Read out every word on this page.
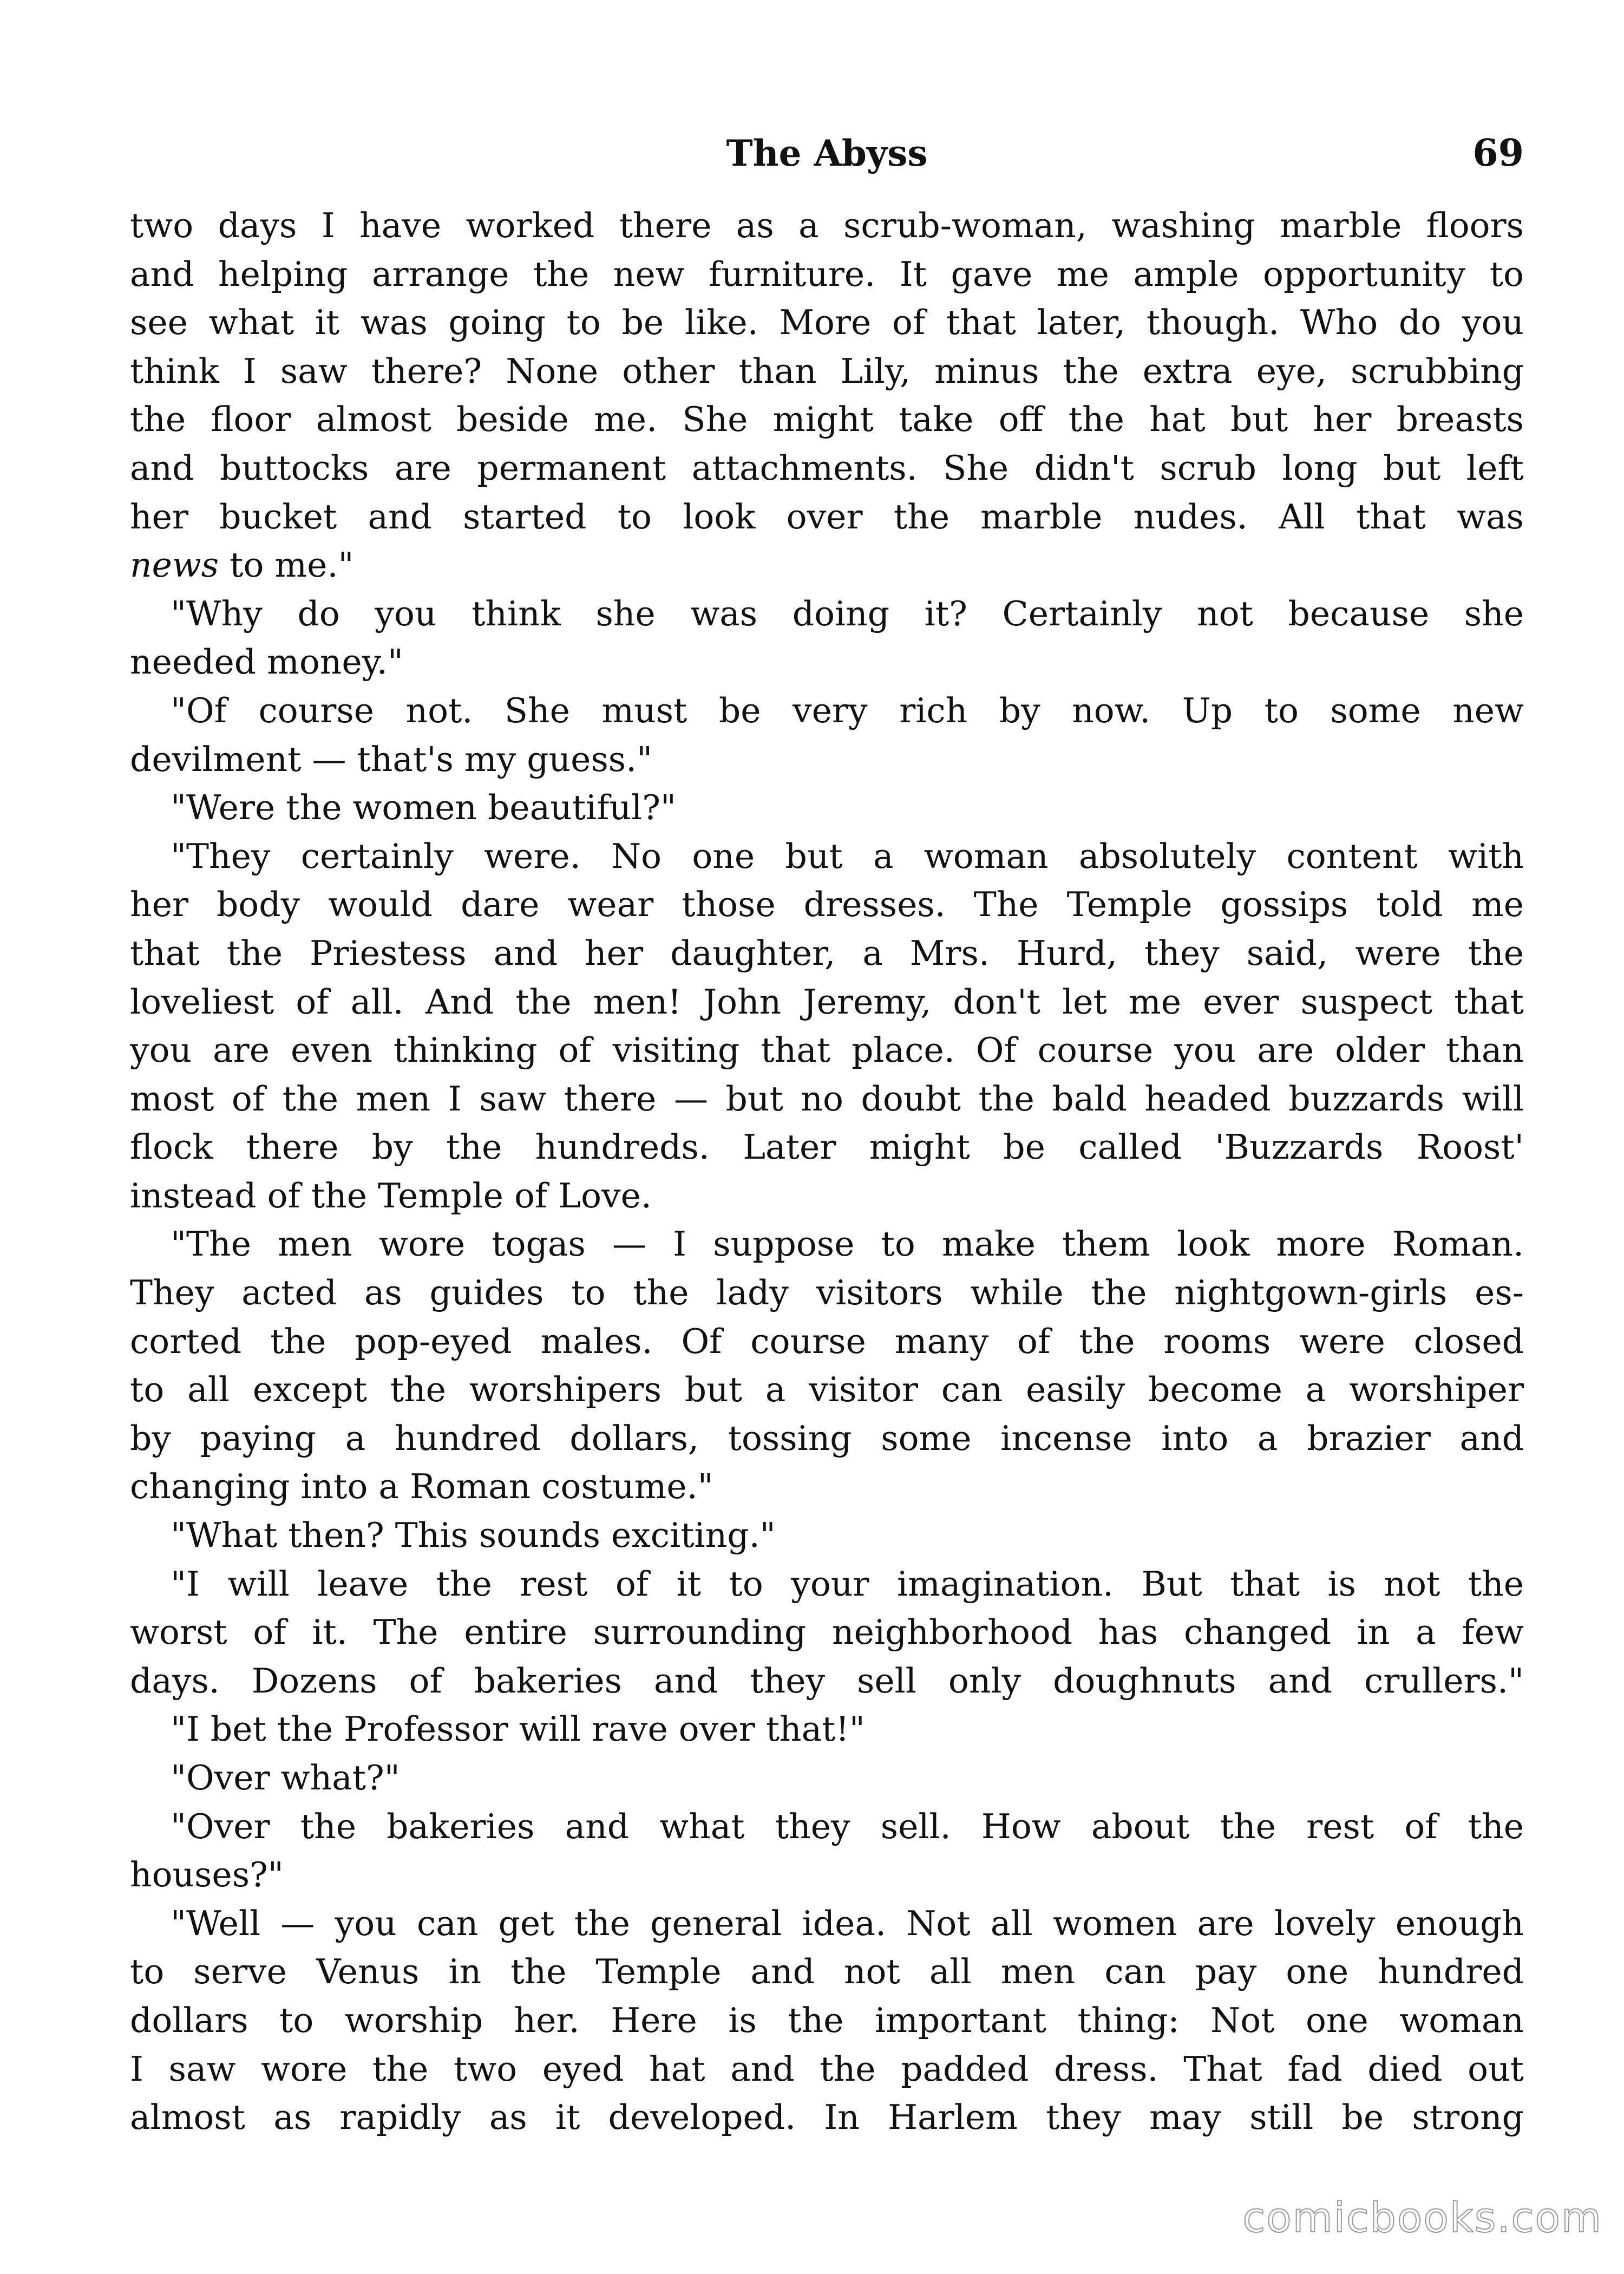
The Abyss	69
two days I have worked there as a scrub-woman, washing marble floors
and helping arrange the new furniture. It gave me ample opportunity to
see what it was going to be like. More of that later, though. Who do you
think I saw there? None other than Lily, minus the extra eye, scrubbing
the floor almost beside me. She might take off the hat but her breasts
and buttocks are permanent attachments. She didn't scrub long but left
her bucket and started to look over the marble nudes. All that was
news to me."
"Why do you think she was doing it? Certainly not because she
needed money."
"Of course not. She must be very rich by now. Up to some new
devilment — that's my guess."
"Were the women beautiful?"
"They certainly were. No one but a woman absolutely content with
her body would dare wear those dresses. The Temple gossips told me
that the Priestess and her daughter, a Mrs. Hurd, they said, were the
loveliest of all. And the men! John Jeremy, don't let me ever suspect that
you are even thinking of visiting that place. Of course you are older than
most of the men I saw there — but no doubt the bald headed buzzards will
flock there by the hundreds. Later might be called 'Buzzards Roost'
instead of the Temple of Love.
"The men wore togas — I suppose to make them look more Roman.
They acted as guides to the lady visitors while the nightgown-girls es-
corted the pop-eyed males. Of course many of the rooms were closed
to all except the worshipers but a visitor can easily become a worshiper
by paying a hundred dollars, tossing some incense into a brazier and
changing into a Roman costume."
"What then? This sounds exciting."
"I will leave the rest of it to your imagination. But that is not the
worst of it. The entire surrounding neighborhood has changed in a few
days. Dozens of bakeries and they sell only doughnuts and crullers."
"I bet the Professor will rave over that!"
"Over what?"
"Over the bakeries and what they sell. How about the rest of the
houses?"
"Well — you can get the general idea. Not all women are lovely enough
to serve Venus in the Temple and not all men can pay one hundred
dollars to worship her. Here is the important thing: Not one woman
I saw wore the two eyed hat and the padded dress. That fad died out
almost as rapidly as it developed. In Harlem they may still be strong
comicbooks.com
